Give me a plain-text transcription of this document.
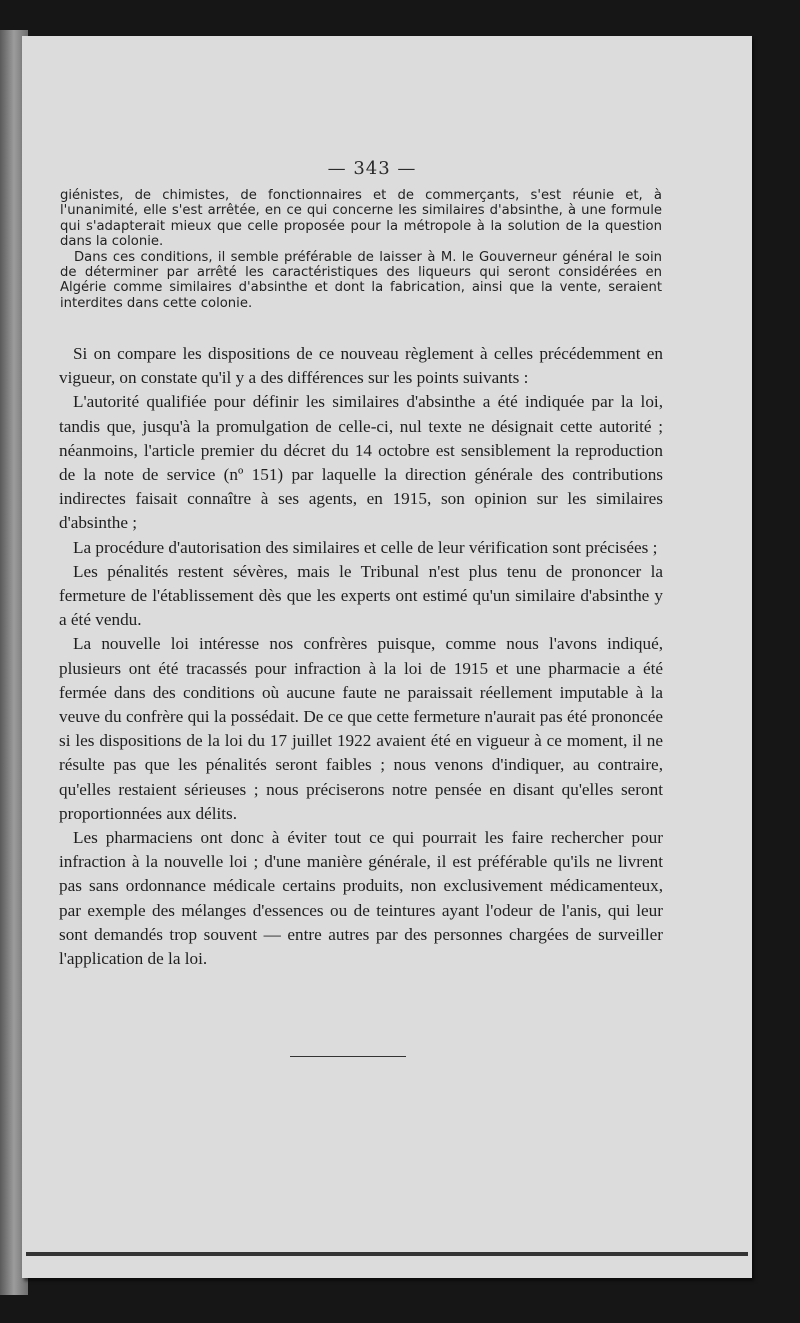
— 343 —

giénistes, de chimistes, de fonctionnaires et de commerçants, s'est réunie et, à l'unanimité, elle s'est arrêtée, en ce qui concerne les similaires d'absinthe, à une formule qui s'adapterait mieux que celle proposée pour la métropole à la solution de la question dans la colonie.

Dans ces conditions, il semble préférable de laisser à M. le Gouverneur général le soin de déterminer par arrêté les caractéristiques des liqueurs qui seront considérées en Algérie comme similaires d'absinthe et dont la fabrication, ainsi que la vente, seraient interdites dans cette colonie.

Si on compare les dispositions de ce nouveau règlement à celles précédemment en vigueur, on constate qu'il y a des différences sur les points suivants :

L'autorité qualifiée pour définir les similaires d'absinthe a été indiquée par la loi, tandis que, jusqu'à la promulgation de celle-ci, nul texte ne désignait cette autorité ; néanmoins, l'article premier du décret du 14 octobre est sensiblement la reproduction de la note de service (nº 151) par laquelle la direction générale des contributions indirectes faisait connaître à ses agents, en 1915, son opinion sur les similaires d'absinthe ;

La procédure d'autorisation des similaires et celle de leur vérification sont précisées ;

Les pénalités restent sévères, mais le Tribunal n'est plus tenu de prononcer la fermeture de l'établissement dès que les experts ont estimé qu'un similaire d'absinthe y a été vendu.

La nouvelle loi intéresse nos confrères puisque, comme nous l'avons indiqué, plusieurs ont été tracassés pour infraction à la loi de 1915 et une pharmacie a été fermée dans des conditions où aucune faute ne paraissait réellement imputable à la veuve du confrère qui la possédait. De ce que cette fermeture n'aurait pas été prononcée si les dispositions de la loi du 17 juillet 1922 avaient été en vigueur à ce moment, il ne résulte pas que les pénalités seront faibles ; nous venons d'indiquer, au contraire, qu'elles restaient sérieuses ; nous préciserons notre pensée en disant qu'elles seront proportionnées aux délits.

Les pharmaciens ont donc à éviter tout ce qui pourrait les faire rechercher pour infraction à la nouvelle loi ; d'une manière générale, il est préférable qu'ils ne livrent pas sans ordonnance médicale certains produits, non exclusivement médicamenteux, par exemple des mélanges d'essences ou de teintures ayant l'odeur de l'anis, qui leur sont demandés trop souvent — entre autres par des personnes chargées de surveiller l'application de la loi.
